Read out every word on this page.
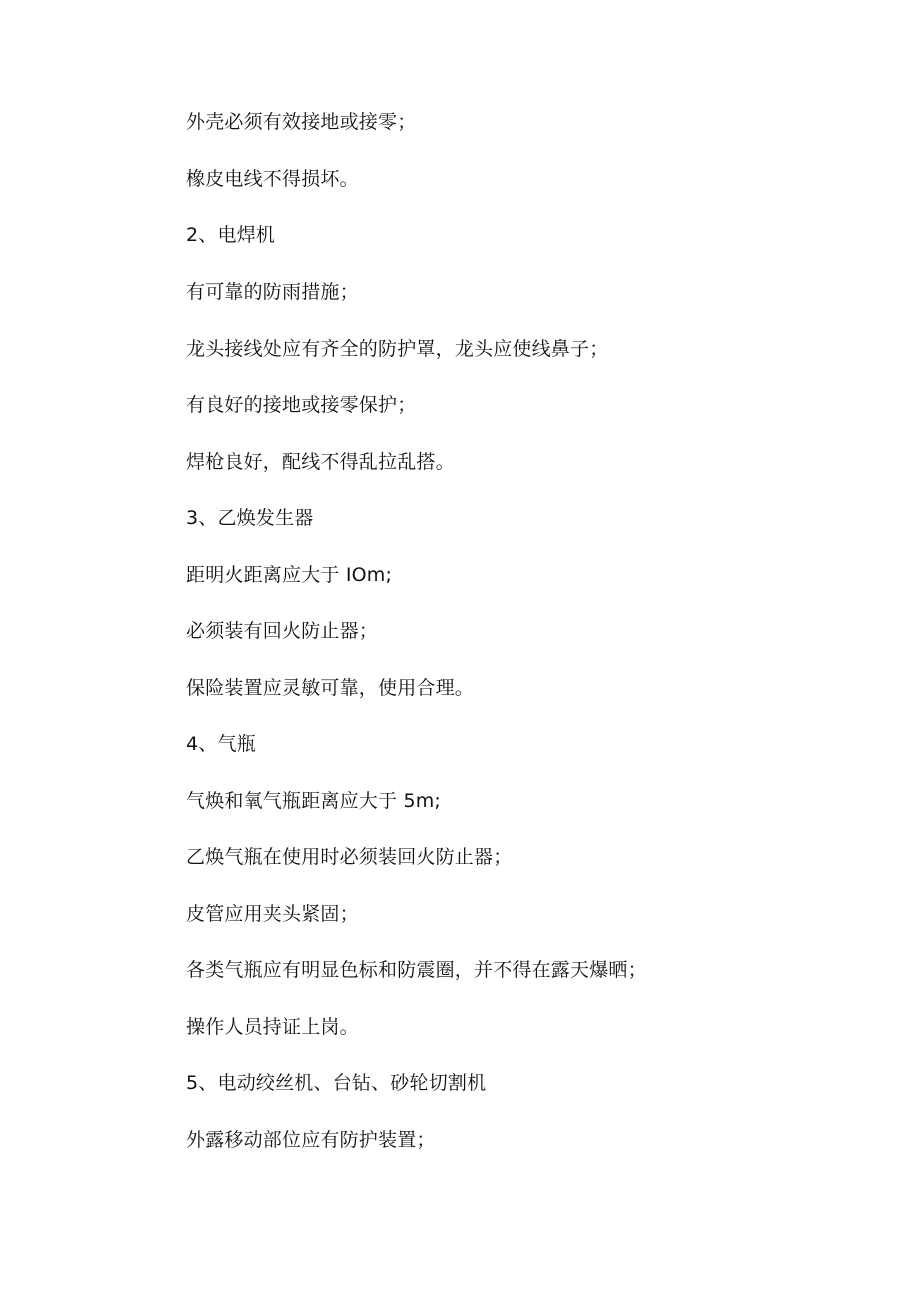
外壳必须有效接地或接零；
橡皮电线不得损坏。
2、电焊机
有可靠的防雨措施；
龙头接线处应有齐全的防护罩，龙头应使线鼻子；
有良好的接地或接零保护；
焊枪良好，配线不得乱拉乱搭。
3、乙焕发生器
距明火距离应大于 IOm;
必须装有回火防止器；
保险装置应灵敏可靠，使用合理。
4、气瓶
气焕和氧气瓶距离应大于 5m;
乙焕气瓶在使用时必须装回火防止器；
皮管应用夹头紧固；
各类气瓶应有明显色标和防震圈，并不得在露天爆晒；
操作人员持证上岗。
5、电动绞丝机、台钻、砂轮切割机
外露移动部位应有防护装置；
